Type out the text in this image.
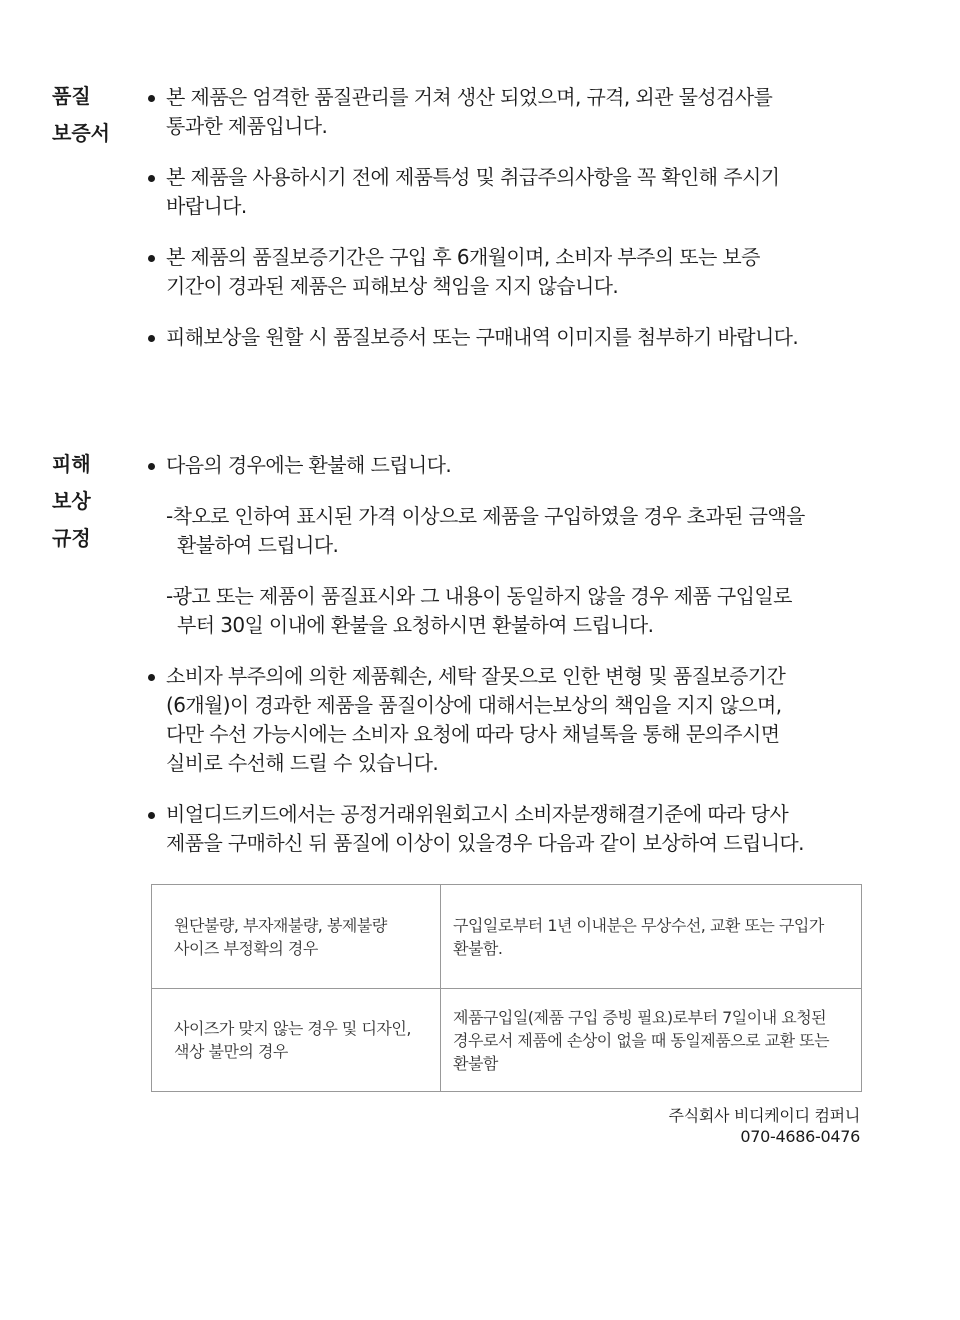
품질
보증서
본 제품은 엄격한 품질관리를 거쳐 생산 되었으며, 규격, 외관 물성검사를
통과한 제품입니다.
본 제품을 사용하시기 전에 제품특성 및 취급주의사항을 꼭 확인해 주시기
바랍니다.
본 제품의 품질보증기간은 구입 후 6개월이며, 소비자 부주의 또는 보증
기간이 경과된 제품은 피해보상 책임을 지지 않습니다.
피해보상을 원할 시 품질보증서 또는 구매내역 이미지를 첨부하기 바랍니다.
피해
보상
규정
다음의 경우에는 환불해 드립니다.
-착오로 인하여 표시된 가격 이상으로 제품을 구입하였을 경우 초과된 금액을
환불하여 드립니다.
-광고 또는 제품이 품질표시와 그 내용이 동일하지 않을 경우 제품 구입일로
부터 30일 이내에 환불을 요청하시면 환불하여 드립니다.
소비자 부주의에 의한 제품훼손, 세탁 잘못으로 인한 변형 및 품질보증기간
(6개월)이 경과한 제품을 품질이상에 대해서는보상의 책임을 지지 않으며,
다만 수선 가능시에는 소비자 요청에 따라 당사 채널톡을 통해 문의주시면
실비로 수선해 드릴 수 있습니다.
비얼디드키드에서는 공정거래위원회고시 소비자분쟁해결기준에 따라 당사
제품을 구매하신 뒤 품질에 이상이 있을경우 다음과 같이 보상하여 드립니다.
원단불량, 부자재불량, 봉제불량
사이즈 부정확의 경우	구입일로부터 1년 이내분은 무상수선, 교환 또는 구입가
환불함.

사이즈가 맞지 않는 경우 및 디자인,
색상 불만의 경우	제품구입일(제품 구입 증빙 필요)로부터 7일이내 요청된
경우로서 제품에 손상이 없을 때 동일제품으로 교환 또는
환불함
주식회사 비디케이디 컴퍼니
070-4686-0476
